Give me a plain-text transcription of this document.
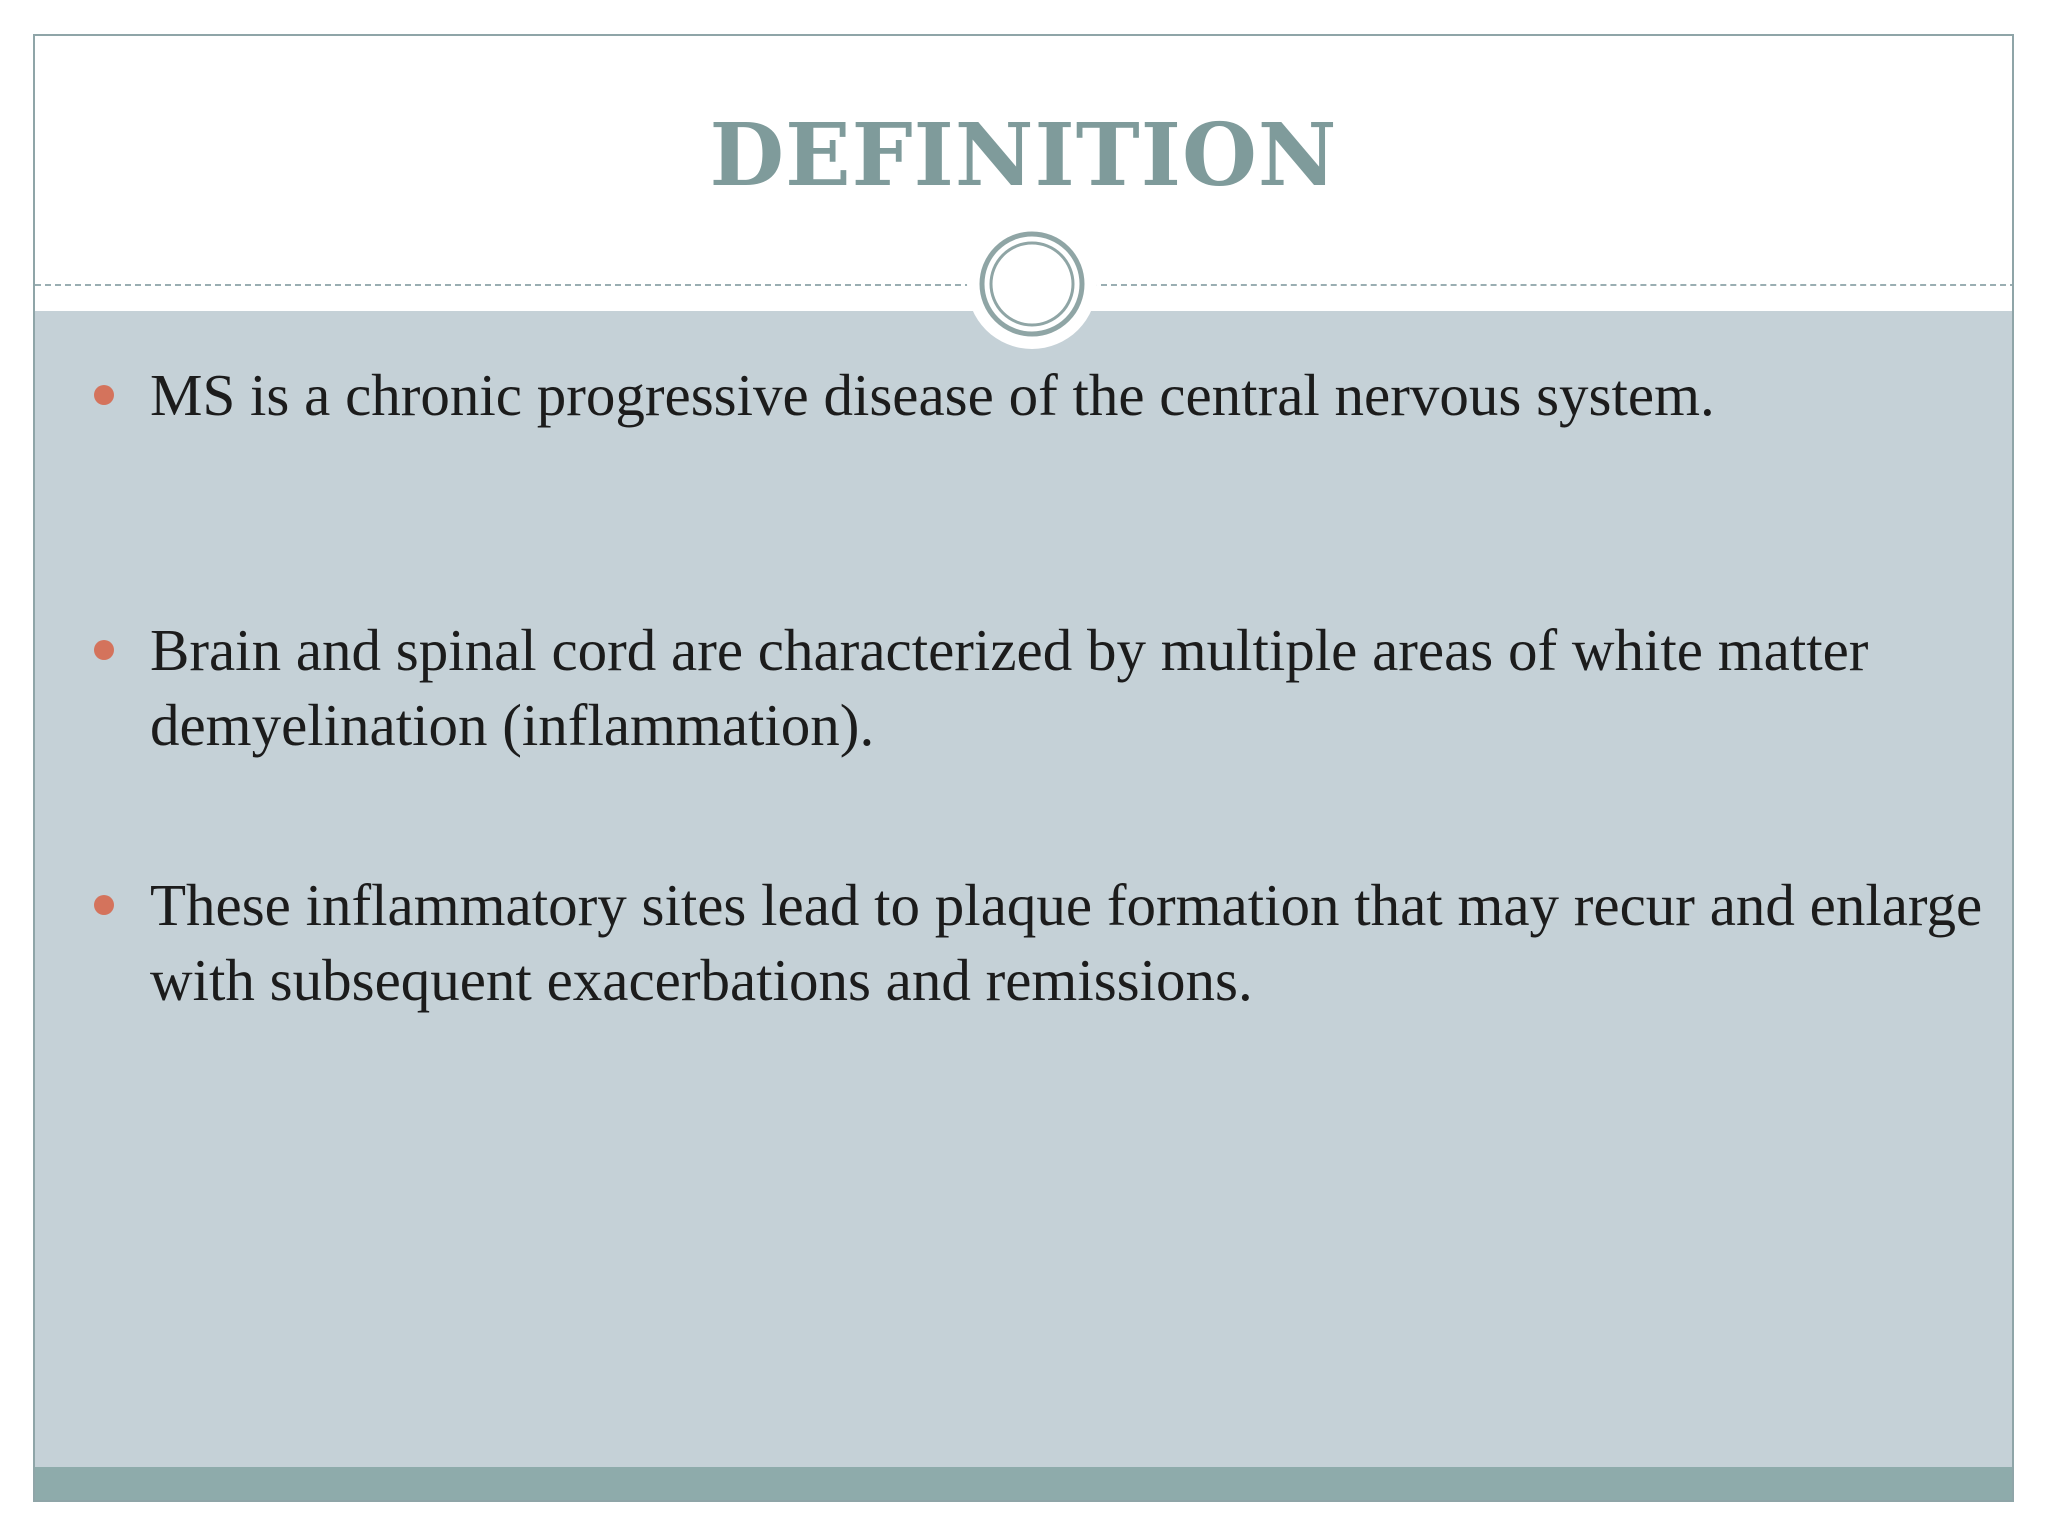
DEFINITION
MS is a chronic progressive disease of the central nervous system.
Brain and spinal cord are characterized by multiple areas of white matter demyelination (inflammation).
These inflammatory sites lead to plaque formation that may recur and enlarge with subsequent exacerbations and remissions.
